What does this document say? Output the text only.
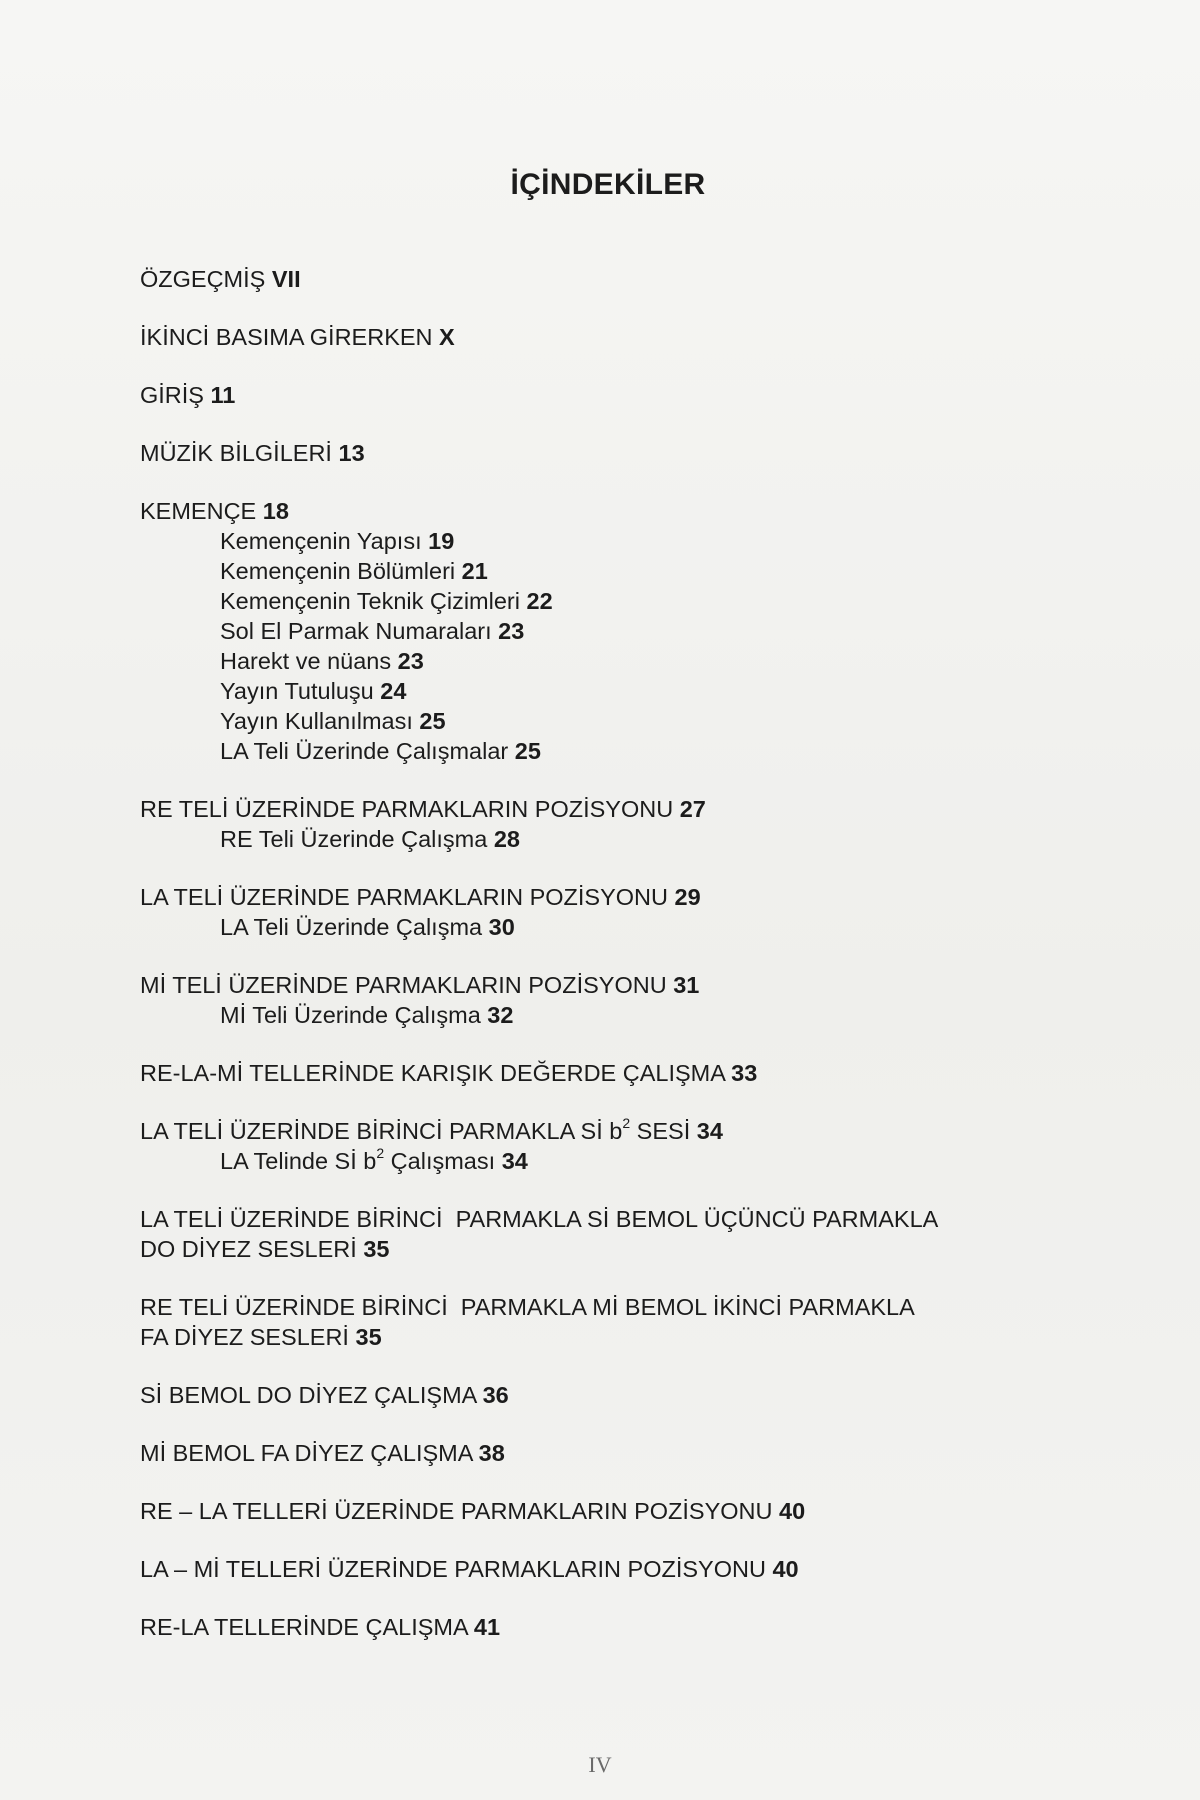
İÇİNDEKİLER
ÖZGEÇMİŞ VII
İKİNCİ BASIMA GİRERKEN X
GİRİŞ 11
MÜZİK BİLGİLERİ 13
KEMENÇE 18
Kemençenin Yapısı 19
Kemençenin Bölümleri 21
Kemençenin Teknik Çizimleri 22
Sol El Parmak Numaraları 23
Harekt ve nüans 23
Yayın Tutuluşu 24
Yayın Kullanılması 25
LA Teli Üzerinde Çalışmalar 25
RE TELİ ÜZERİNDE PARMAKLARIN POZİSYONU 27
RE Teli Üzerinde Çalışma 28
LA TELİ ÜZERİNDE PARMAKLARIN POZİSYONU 29
LA Teli Üzerinde Çalışma 30
Mİ TELİ ÜZERİNDE PARMAKLARIN POZİSYONU 31
Mİ Teli Üzerinde Çalışma 32
RE-LA-Mİ TELLERİNDE KARIŞIK DEĞERDE ÇALIŞMA 33
LA TELİ ÜZERİNDE BİRİNCİ PARMAKLA Sİ $b^2$ SESİ 34
LA Telinde Sİ $b^2$ Çalışması 34
LA TELİ ÜZERİNDE BİRİNCİ  PARMAKLA Sİ BEMOL ÜÇÜNCÜ PARMAKLA
DO DİYEZ SESLERİ 35
RE TELİ ÜZERİNDE BİRİNCİ  PARMAKLA Mİ BEMOL İKİNCİ PARMAKLA
FA DİYEZ SESLERİ 35
Sİ BEMOL DO DİYEZ ÇALIŞMA 36
Mİ BEMOL FA DİYEZ ÇALIŞMA 38
RE – LA TELLERİ ÜZERİNDE PARMAKLARIN POZİSYONU 40
LA – Mİ TELLERİ ÜZERİNDE PARMAKLARIN POZİSYONU 40
RE-LA TELLERİNDE ÇALIŞMA 41
IV
